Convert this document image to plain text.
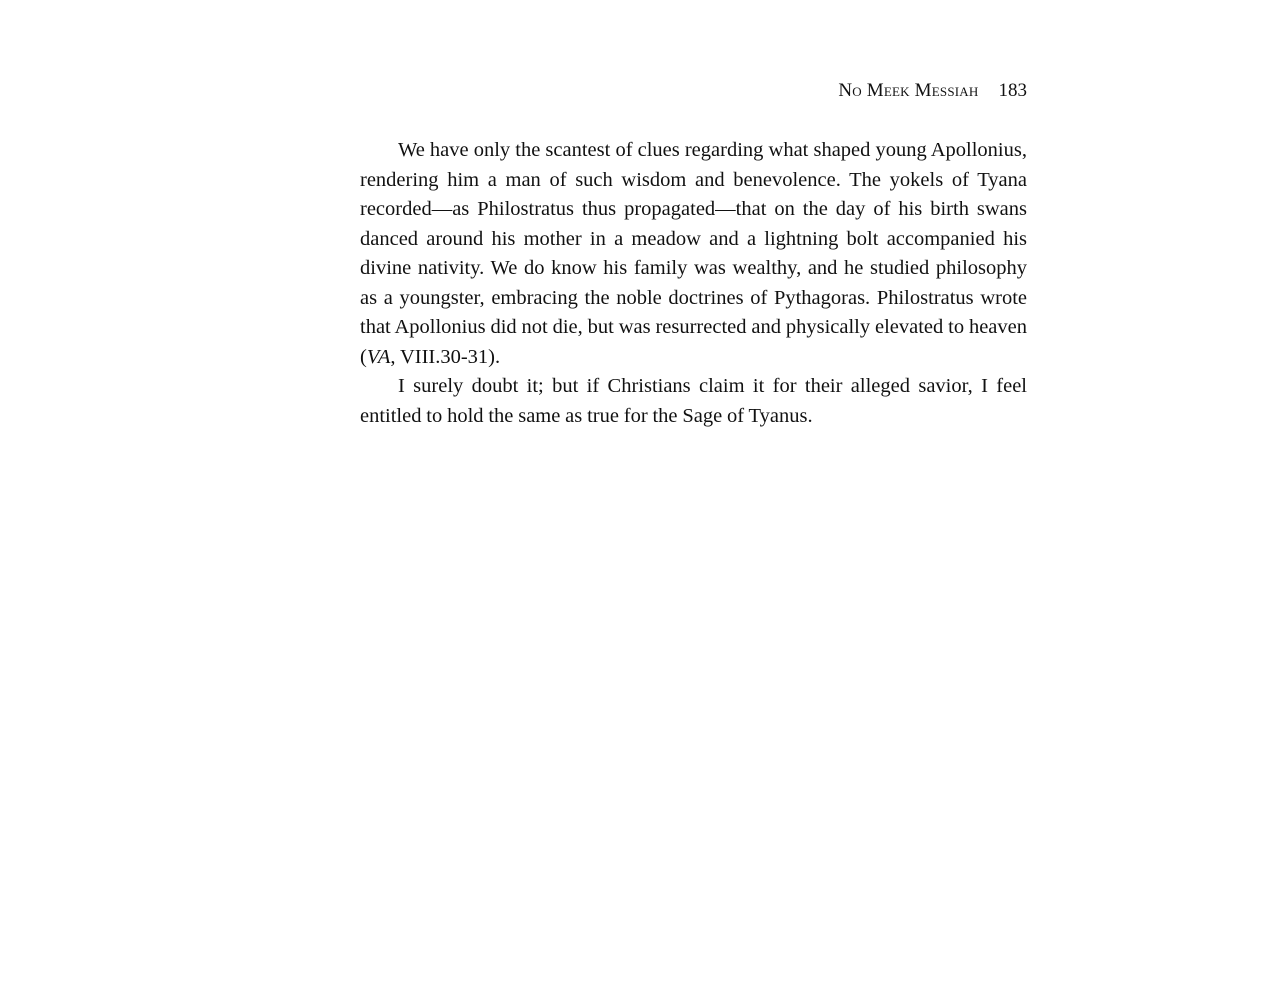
No Meek Messiah 183

We have only the scantest of clues regarding what shaped young Apollonius, rendering him a man of such wisdom and benevolence. The yokels of Tyana recorded—as Philostratus thus propagated—that on the day of his birth swans danced around his mother in a meadow and a lightning bolt accompanied his divine nativity. We do know his family was wealthy, and he studied philosophy as a youngster, embracing the noble doctrines of Pythagoras. Philostratus wrote that Apollonius did not die, but was resurrected and physically elevated to heaven (VA, VIII.30-31).

I surely doubt it; but if Christians claim it for their alleged savior, I feel entitled to hold the same as true for the Sage of Tyanus.
